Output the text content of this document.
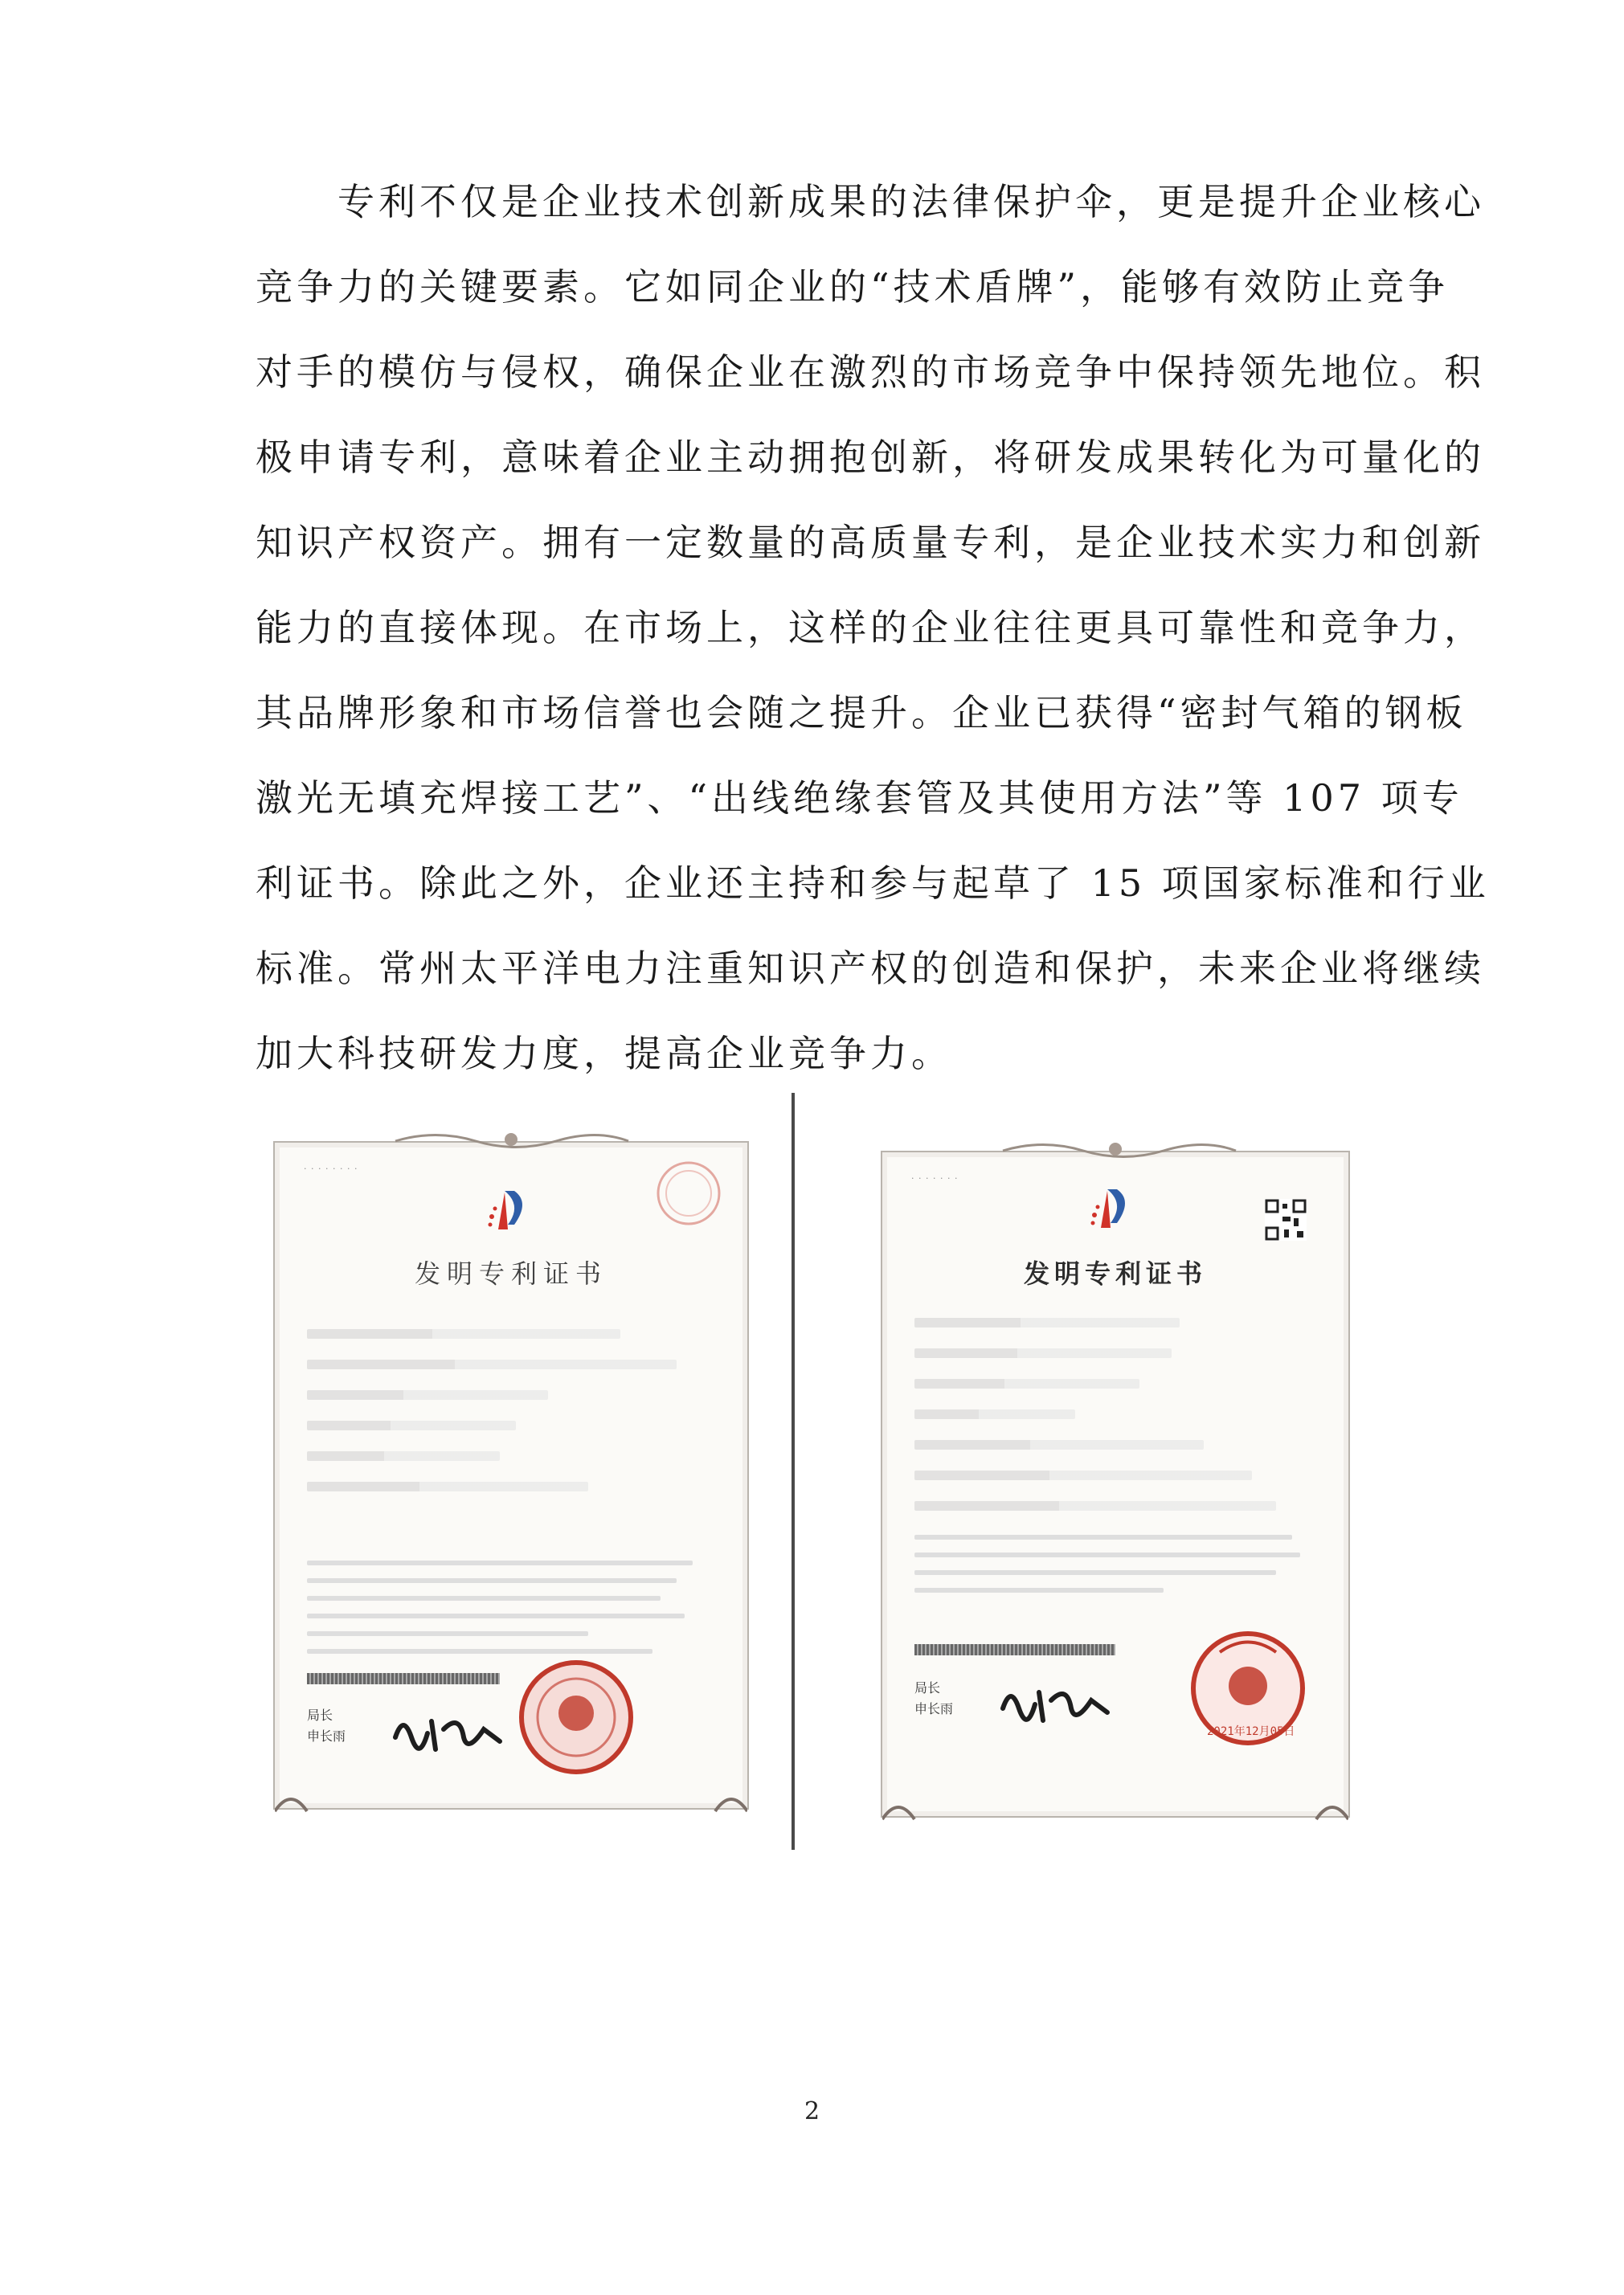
　　专利不仅是企业技术创新成果的法律保护伞，更是提升企业核心
竞争力的关键要素。它如同企业的“技术盾牌”，能够有效防止竞争
对手的模仿与侵权，确保企业在激烈的市场竞争中保持领先地位。积
极申请专利，意味着企业主动拥抱创新，将研发成果转化为可量化的
知识产权资产。拥有一定数量的高质量专利，是企业技术实力和创新
能力的直接体现。在市场上，这样的企业往往更具可靠性和竞争力，
其品牌形象和市场信誉也会随之提升。企业已获得“密封气箱的钢板
激光无填充焊接工艺”、“出线绝缘套管及其使用方法”等 107 项专
利证书。除此之外，企业还主持和参与起草了 15 项国家标准和行业
标准。常州太平洋电力注重知识产权的创造和保护，未来企业将继续
加大科技研发力度，提高企业竞争力。
· · · · · · · ·
发明专利证书
局长
申长雨
· · · · · · ·
发明专利证书
局长
申长雨
2021年12月05日
2
